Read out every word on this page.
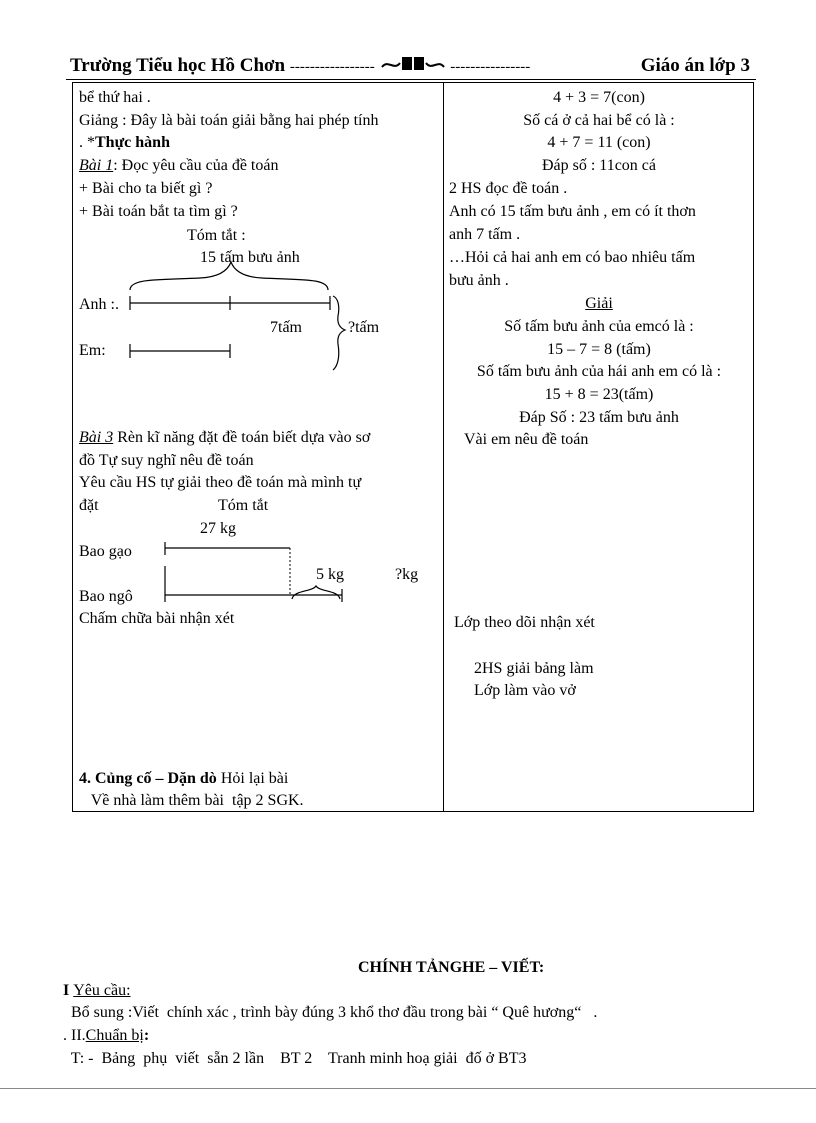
Trường Tiểu học Hồ Chơn -----------------	----------------	Giáo án lớp 3
bể thứ hai .
Giảng : Đây là bài toán giải bằng hai phép tính
. *Thực hành
Bài 1: Đọc yêu cầu của đề toán
+ Bài cho ta biết gì ?
+ Bài toán bắt ta tìm gì ?
Tóm tắt :
15 tấm bưu ảnh
Anh :.
7tấm	?tấm
Em:
Bài 3 Rèn kĩ năng đặt đề toán biết dựa vào sơ
đồ Tự suy nghĩ nêu đề toán
Yêu cầu HS tự giải theo đề toán mà mình tự
đặt	Tóm tắt
27 kg
Bao gạo
5 kg	?kg
Bao ngô
Chấm chữa bài nhận xét
4. Củng cố – Dặn dò Hỏi lại bài
Về nhà làm thêm bài  tập 2 SGK.
4 + 3 = 7(con)
Số cá ở cả hai bể có là :
4 + 7 = 11 (con)
Đáp số : 11con cá
2 HS đọc đề toán .
Anh có 15 tấm bưu ảnh , em có ít thơn
anh 7 tấm .
…Hỏi cả hai anh em có bao nhiêu tấm
bưu ảnh .
Giải
Số tấm bưu ảnh của emcó là :
15 – 7 = 8 (tấm)
Số tấm bưu ảnh của hái anh em có là :
15 + 8 = 23(tấm)
Đáp Số : 23 tấm bưu ảnh
Vài em nêu đề toán
Lớp theo dõi nhận xét
2HS giải bảng làm
Lớp làm vào vở
CHÍNH TẢNGHE – VIẾT:
I Yêu cầu:
Bổ sung :Viết  chính xác , trình bày đúng 3 khổ thơ đầu trong bài “ Quê hương“   .
. II.Chuẩn bị:
T: -  Bảng  phụ  viết  sẵn 2 lần    BT 2    Tranh minh hoạ giải  đố ở BT3
